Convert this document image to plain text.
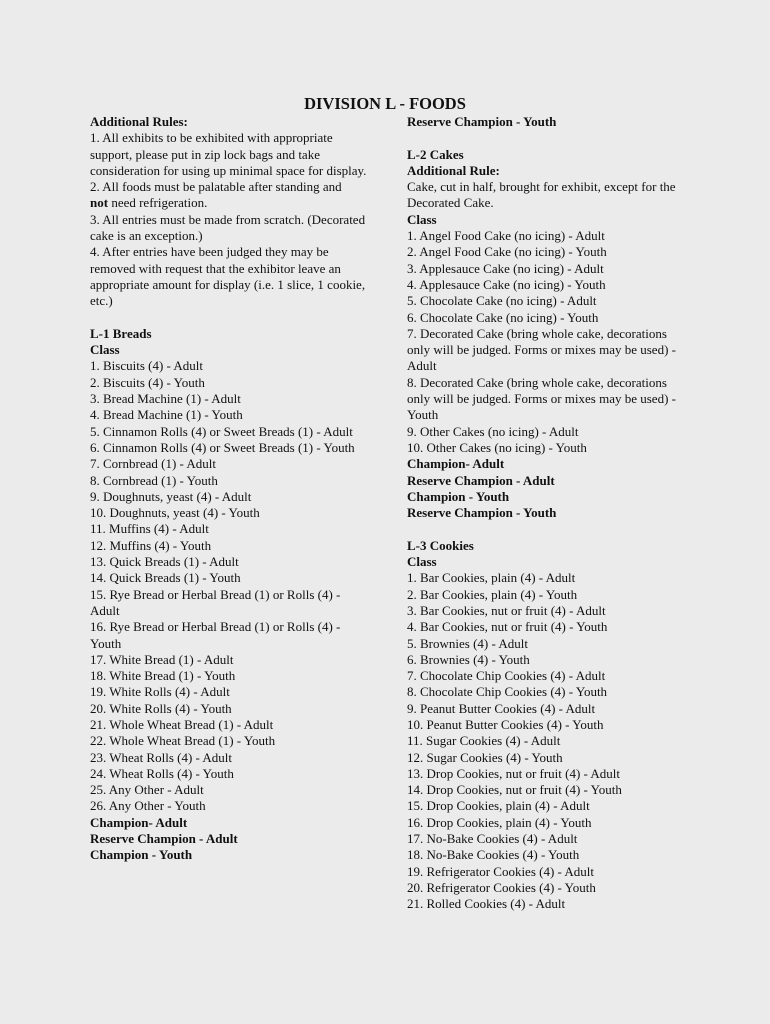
DIVISION L - FOODS
Additional Rules:
1. All exhibits to be exhibited with appropriate support, please put in zip lock bags and take consideration for using up minimal space for display.
2. All foods must be palatable after standing and
not need refrigeration.
3. All entries must be made from scratch. (Decorated cake is an exception.)
4. After entries have been judged they may be removed with request that the exhibitor leave an appropriate amount for display (i.e. 1 slice, 1 cookie, etc.)
L-1 Breads
Class
1. Biscuits (4) - Adult
2. Biscuits (4) - Youth
3. Bread Machine (1) - Adult
4. Bread Machine (1) - Youth
5. Cinnamon Rolls (4) or Sweet Breads (1) - Adult
6. Cinnamon Rolls (4) or Sweet Breads (1) - Youth
7. Cornbread (1) - Adult
8. Cornbread (1) - Youth
9. Doughnuts, yeast (4) - Adult
10. Doughnuts, yeast (4) - Youth
11. Muffins (4) - Adult
12. Muffins (4) - Youth
13. Quick Breads (1) - Adult
14. Quick Breads (1) - Youth
15. Rye Bread or Herbal Bread (1) or Rolls (4) - Adult
16. Rye Bread or Herbal Bread (1) or Rolls (4) - Youth
17. White Bread (1) - Adult
18. White Bread (1) - Youth
19. White Rolls (4) - Adult
20. White Rolls (4) - Youth
21. Whole Wheat Bread (1) - Adult
22. Whole Wheat Bread (1) - Youth
23. Wheat Rolls (4) - Adult
24. Wheat Rolls (4) - Youth
25. Any Other - Adult
26. Any Other - Youth
Champion- Adult
Reserve Champion - Adult
Champion - Youth
Reserve Champion - Youth
L-2 Cakes
Additional Rule:
Cake, cut in half, brought for exhibit, except for the Decorated Cake.
Class
1. Angel Food Cake (no icing) - Adult
2. Angel Food Cake (no icing) - Youth
3. Applesauce Cake (no icing) - Adult
4. Applesauce Cake (no icing) - Youth
5. Chocolate Cake (no icing) - Adult
6. Chocolate Cake (no icing) - Youth
7. Decorated Cake (bring whole cake, decorations only will be judged. Forms or mixes may be used) - Adult
8. Decorated Cake (bring whole cake, decorations only will be judged. Forms or mixes may be used) - Youth
9. Other Cakes (no icing) - Adult
10. Other Cakes (no icing) - Youth
Champion- Adult
Reserve Champion - Adult
Champion - Youth
Reserve Champion - Youth
L-3 Cookies
Class
1. Bar Cookies, plain (4) - Adult
2. Bar Cookies, plain (4) - Youth
3. Bar Cookies, nut or fruit (4) - Adult
4. Bar Cookies, nut or fruit (4) - Youth
5. Brownies (4) - Adult
6. Brownies (4) - Youth
7. Chocolate Chip Cookies (4) - Adult
8. Chocolate Chip Cookies (4) - Youth
9. Peanut Butter Cookies (4) - Adult
10. Peanut Butter Cookies (4) - Youth
11. Sugar Cookies (4) - Adult
12. Sugar Cookies (4) - Youth
13. Drop Cookies, nut or fruit (4) - Adult
14. Drop Cookies, nut or fruit (4) - Youth
15. Drop Cookies, plain (4) - Adult
16. Drop Cookies, plain (4) - Youth
17. No-Bake Cookies (4) - Adult
18. No-Bake Cookies (4) - Youth
19. Refrigerator Cookies (4) - Adult
20. Refrigerator Cookies (4) - Youth
21. Rolled Cookies (4) - Adult
